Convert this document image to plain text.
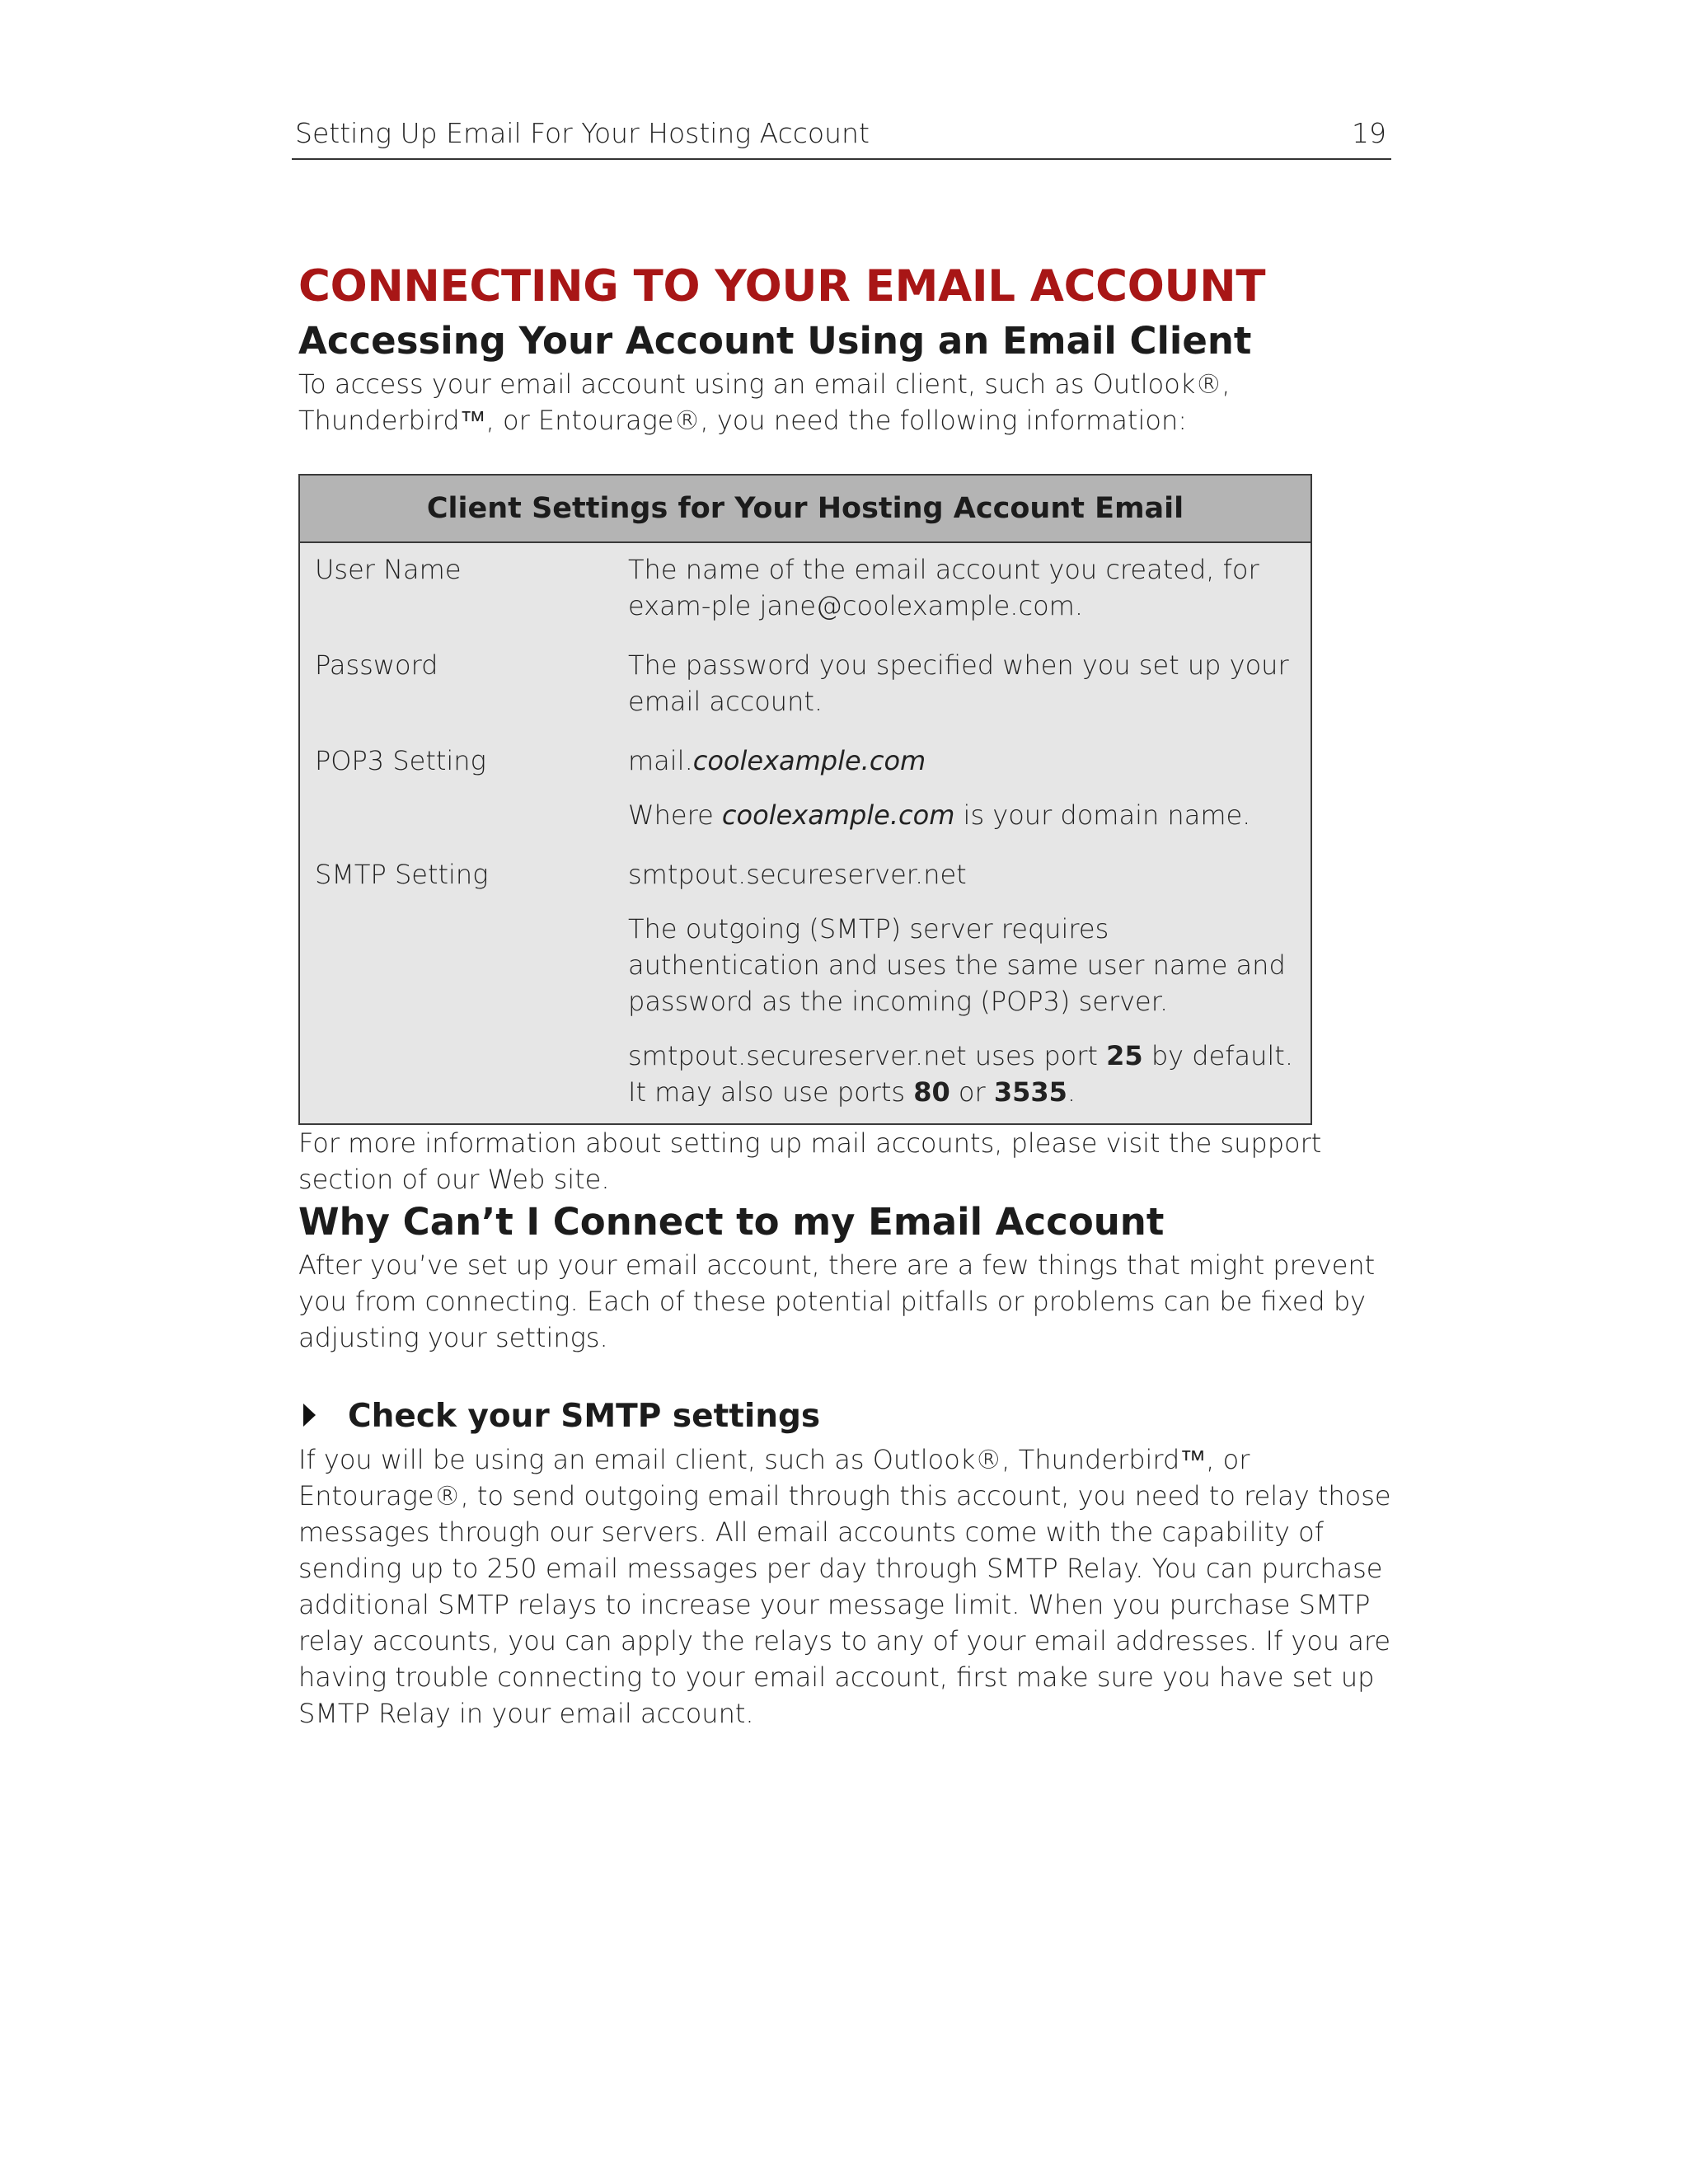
Setting Up Email For Your Hosting Account	19
CONNECTING TO YOUR EMAIL ACCOUNT
Accessing Your Account Using an Email Client

To access your email account using an email client, such as Outlook®, Thunderbird™, or Entourage®, you need the following information:

Client Settings for Your Hosting Account Email	
User Name	The name of the email account you created, for exam-ple jane@coolexample.com.

Password	The password you specified when you set up your email account.

POP3 Setting	mail.coolexample.com

Where coolexample.com is your domain name.

SMTP Setting	smtpout.secureserver.net

The outgoing (SMTP) server requires authentication and uses the same user name and password as the incoming (POP3) server.

smtpout.secureserver.net uses port 25 by default. It may also use ports 80 or 3535.

For more information about setting up mail accounts, please visit the support section of our Web site.

Why Can’t I Connect to my Email Account

After you’ve set up your email account, there are a few things that might prevent you from connecting. Each of these potential pitfalls or problems can be fixed by adjusting your settings.

Check your SMTP settings

If you will be using an email client, such as Outlook®, Thunderbird™, or Entourage®, to send outgoing email through this account, you need to relay those messages through our servers. All email accounts come with the capability of sending up to 250 email messages per day through SMTP Relay. You can purchase additional SMTP relays to increase your message limit. When you purchase SMTP relay accounts, you can apply the relays to any of your email addresses. If you are having trouble connecting to your email account, first make sure you have set up SMTP Relay in your email account.
